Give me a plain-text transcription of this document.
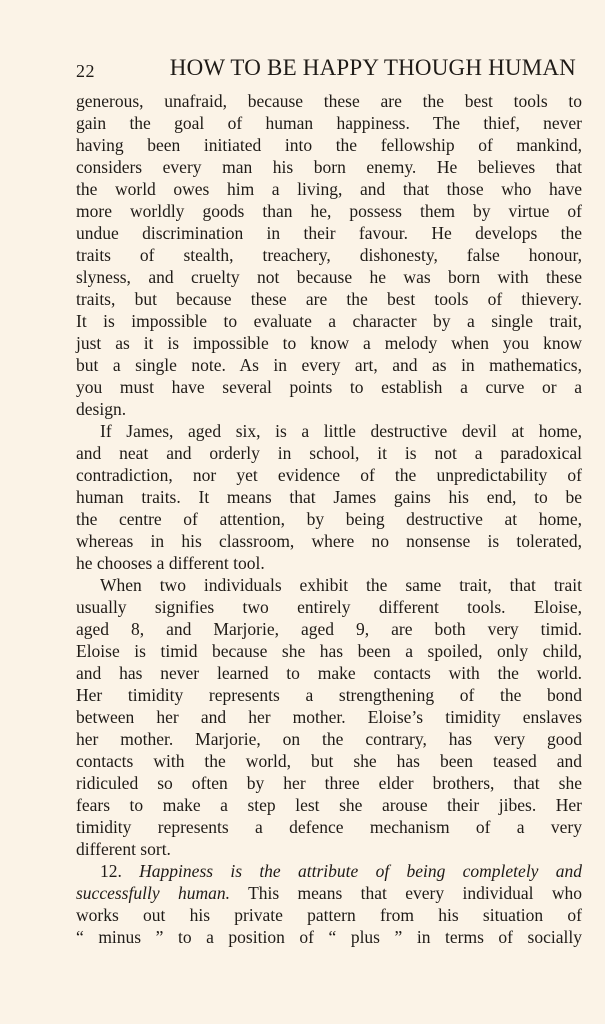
22	HOW TO BE HAPPY THOUGH HUMAN
generous, unafraid, because these are the best tools to
gain the goal of human happiness. The thief, never
having been initiated into the fellowship of mankind,
considers every man his born enemy. He believes that
the world owes him a living, and that those who have
more worldly goods than he, possess them by virtue of
undue discrimination in their favour. He develops the
traits of stealth, treachery, dishonesty, false honour,
slyness, and cruelty not because he was born with these
traits, but because these are the best tools of thievery.
It is impossible to evaluate a character by a single trait,
just as it is impossible to know a melody when you know
but a single note. As in every art, and as in mathematics,
you must have several points to establish a curve or a
design.
If James, aged six, is a little destructive devil at home,
and neat and orderly in school, it is not a paradoxical
contradiction, nor yet evidence of the unpredictability of
human traits. It means that James gains his end, to be
the centre of attention, by being destructive at home,
whereas in his classroom, where no nonsense is tolerated,
he chooses a different tool.
When two individuals exhibit the same trait, that trait
usually signifies two entirely different tools. Eloise,
aged 8, and Marjorie, aged 9, are both very timid.
Eloise is timid because she has been a spoiled, only child,
and has never learned to make contacts with the world.
Her timidity represents a strengthening of the bond
between her and her mother. Eloise’s timidity enslaves
her mother. Marjorie, on the contrary, has very good
contacts with the world, but she has been teased and
ridiculed so often by her three elder brothers, that she
fears to make a step lest she arouse their jibes. Her
timidity represents a defence mechanism of a very
different sort.
12. Happiness is the attribute of being completely and
successfully human. This means that every individual who
works out his private pattern from his situation of
“ minus ” to a position of “ plus ” in terms of socially
